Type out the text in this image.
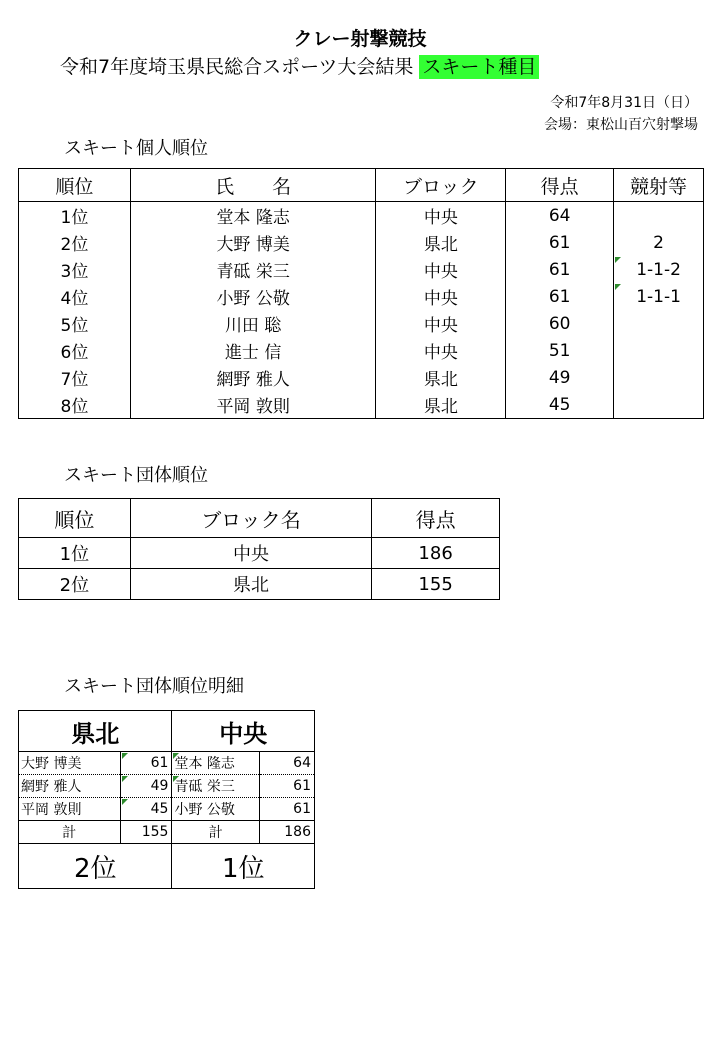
クレー射撃競技
令和7年度埼玉県民総合スポーツ大会結果 スキート種目
令和7年8月31日（日）
会場：東松山百穴射撃場
スキート個人順位
順位	氏　　名	ブロック	得点	競射等
1位	堂本 隆志	中央	64	
2位	大野 博美	県北	61	2
3位	青砥 栄三	中央	61	1-1-2
4位	小野 公敬	中央	61	1-1-1
5位	川田 聡	中央	60	
6位	進士 信	中央	51	
7位	網野 雅人	県北	49	
8位	平岡 敦則	県北	45	
スキート団体順位
順位	ブロック名	得点
1位	中央	186
2位	県北	155
スキート団体順位明細
県北		中央	
大野 博美	61	堂本 隆志	64
網野 雅人	49	青砥 栄三	61
平岡 敦則	45	小野 公敬	61
計	155	計	186
2位		1位	
